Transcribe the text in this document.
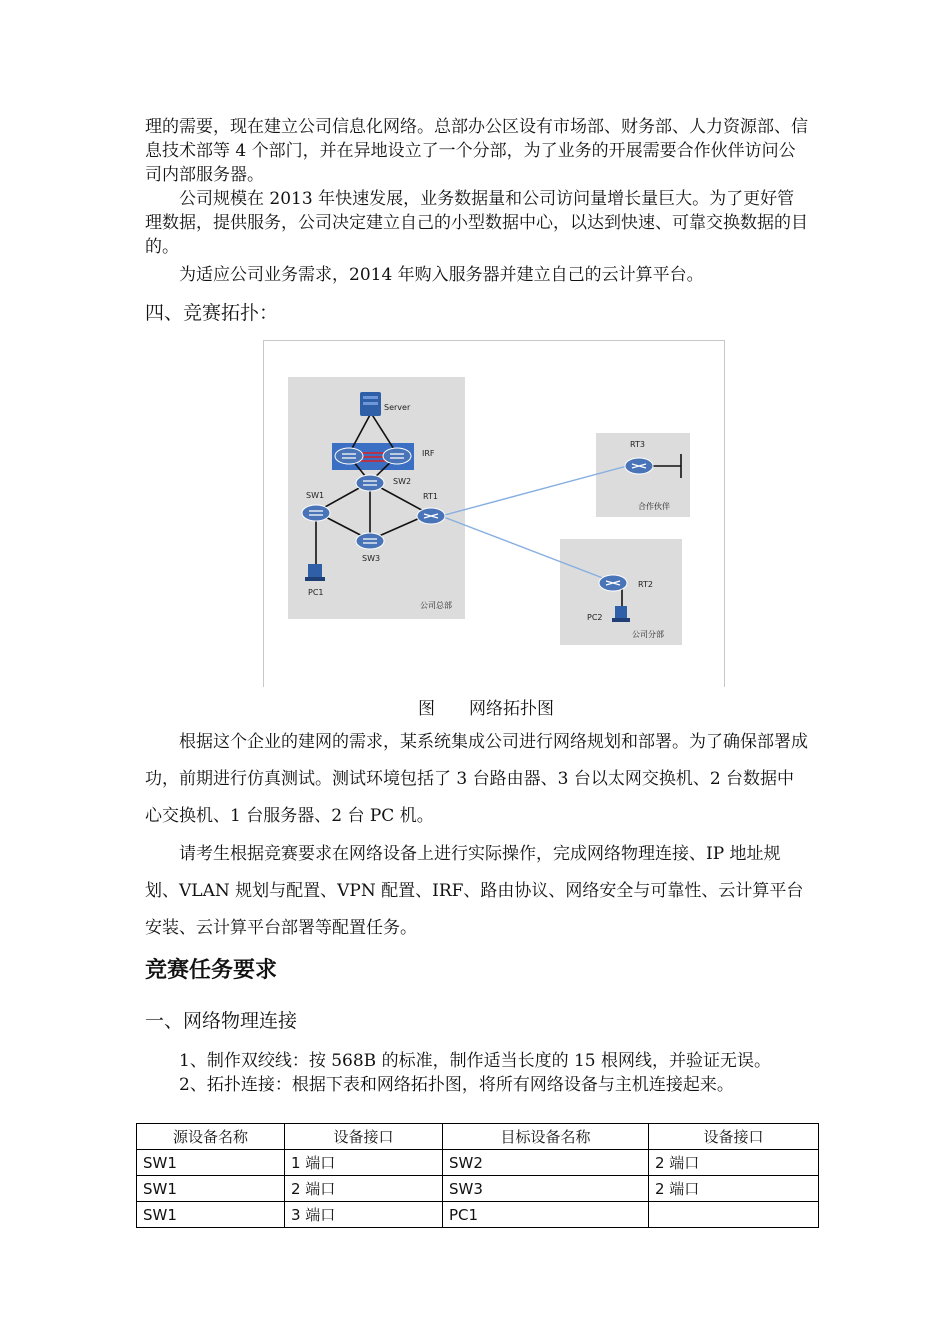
理的需要，现在建立公司信息化网络。总部办公区设有市场部、财务部、人力资源部、信息技术部等 4 个部门，并在异地设立了一个分部，为了业务的开展需要合作伙伴访问公司内部服务器。

公司规模在 2013 年快速发展，业务数据量和公司访问量增长量巨大。为了更好管理数据，提供服务，公司决定建立自己的小型数据中心，以达到快速、可靠交换数据的目的。

为适应公司业务需求，2014 年购入服务器并建立自己的云计算平台。

四、竞赛拓扑：
Server
IRF
SW1
SW2
SW3
RT1
RT3
RT2
PC1
PC2
公司总部
合作伙伴
公司分部
图 网络拓扑图

根据这个企业的建网的需求，某系统集成公司进行网络规划和部署。为了确保部署成功，前期进行仿真测试。测试环境包括了 3 台路由器、3 台以太网交换机、2 台数据中心交换机、1 台服务器、2 台 PC 机。

请考生根据竞赛要求在网络设备上进行实际操作，完成网络物理连接、IP 地址规划、VLAN 规划与配置、VPN 配置、IRF、路由协议、网络安全与可靠性、云计算平台安装、云计算平台部署等配置任务。

竞赛任务要求
一、网络物理连接

1、制作双绞线：按 568B 的标准，制作适当长度的 15 根网线，并验证无误。

2、拓扑连接：根据下表和网络拓扑图，将所有网络设备与主机连接起来。

源设备名称	设备接口	目标设备名称	设备接口
SW1	1 端口	SW2	2 端口
SW1	2 端口	SW3	2 端口
SW1	3 端口	PC1	
